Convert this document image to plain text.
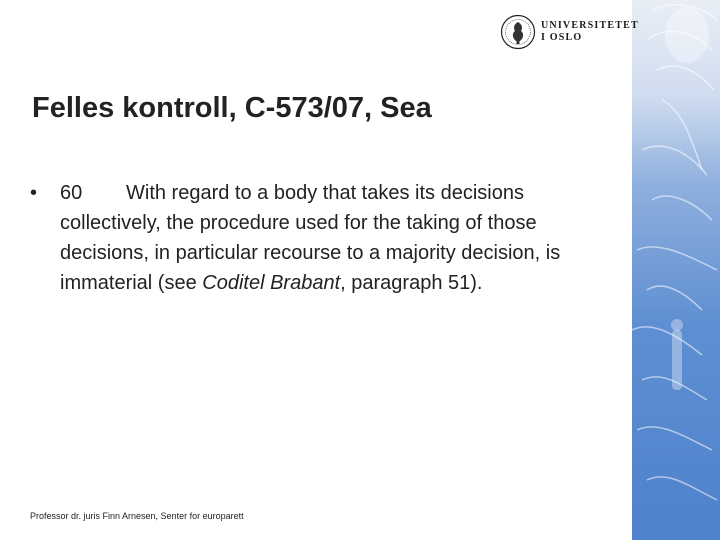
UNIVERSITETET
I OSLO
Felles kontroll, C-573/07, Sea
•	60 With regard to a body that takes its decisions collectively, the procedure used for the taking of those decisions, in particular recourse to a majority decision, is immaterial (see Coditel Brabant, paragraph 51).

Professor dr. juris Finn Arnesen, Senter for europarett
